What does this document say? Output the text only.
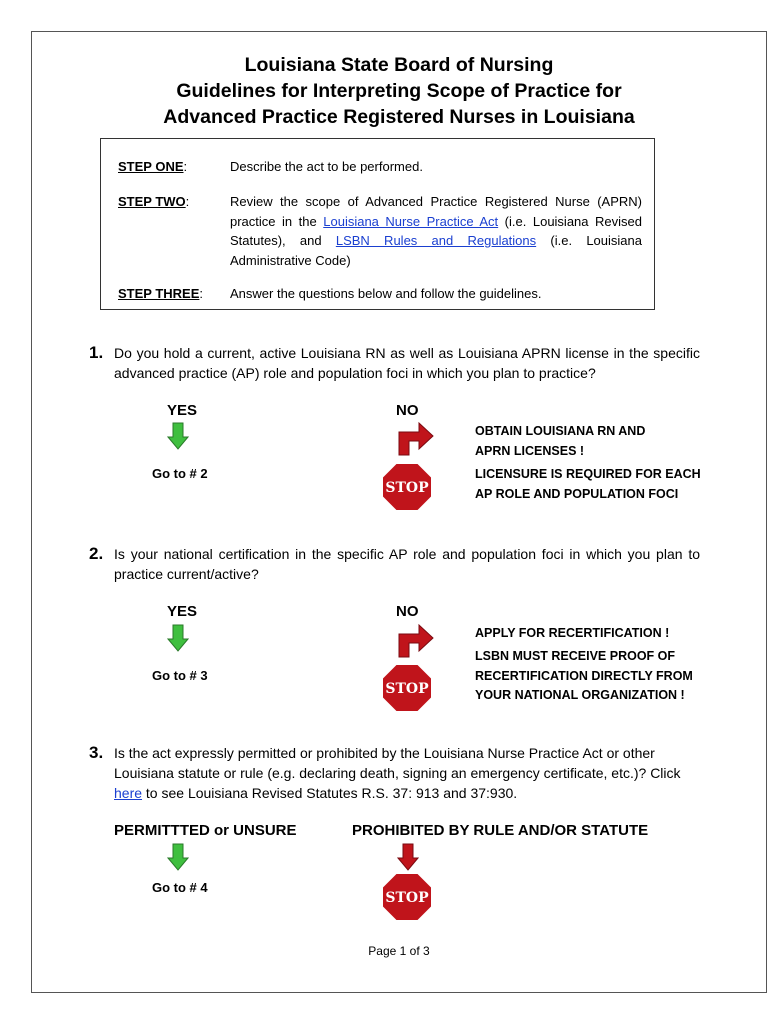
Louisiana State Board of Nursing
Guidelines for Interpreting Scope of Practice for
Advanced Practice Registered Nurses in Louisiana
STEP ONE:	Describe the act to be performed.
STEP TWO:	Review the scope of Advanced Practice Registered Nurse (APRN) practice in the Louisiana Nurse Practice Act (i.e. Louisiana Revised Statutes), and LSBN Rules and Regulations (i.e. Louisiana Administrative Code)
STEP THREE:	Answer the questions below and follow the guidelines.
1. Do you hold a current, active Louisiana RN as well as Louisiana APRN license in the specific advanced practice (AP) role and population foci in which you plan to practice?
YES	NO
Go to # 2
OBTAIN LOUISIANA RN AND APRN LICENSES !
LICENSURE IS REQUIRED FOR EACH AP ROLE AND POPULATION FOCI
STOP
2. Is your national certification in the specific AP role and population foci in which you plan to practice current/active?
YES	NO
Go to # 3
APPLY FOR RECERTIFICATION !
LSBN MUST RECEIVE PROOF OF RECERTIFICATION DIRECTLY FROM YOUR NATIONAL ORGANIZATION !
STOP
3. Is the act expressly permitted or prohibited by the Louisiana Nurse Practice Act or other Louisiana statute or rule (e.g. declaring death, signing an emergency certificate, etc.)? Click here to see Louisiana Revised Statutes R.S. 37: 913 and 37:930.
PERMITTTED or UNSURE	PROHIBITED BY RULE AND/OR STATUTE
Go to # 4
STOP
Page 1 of 3
